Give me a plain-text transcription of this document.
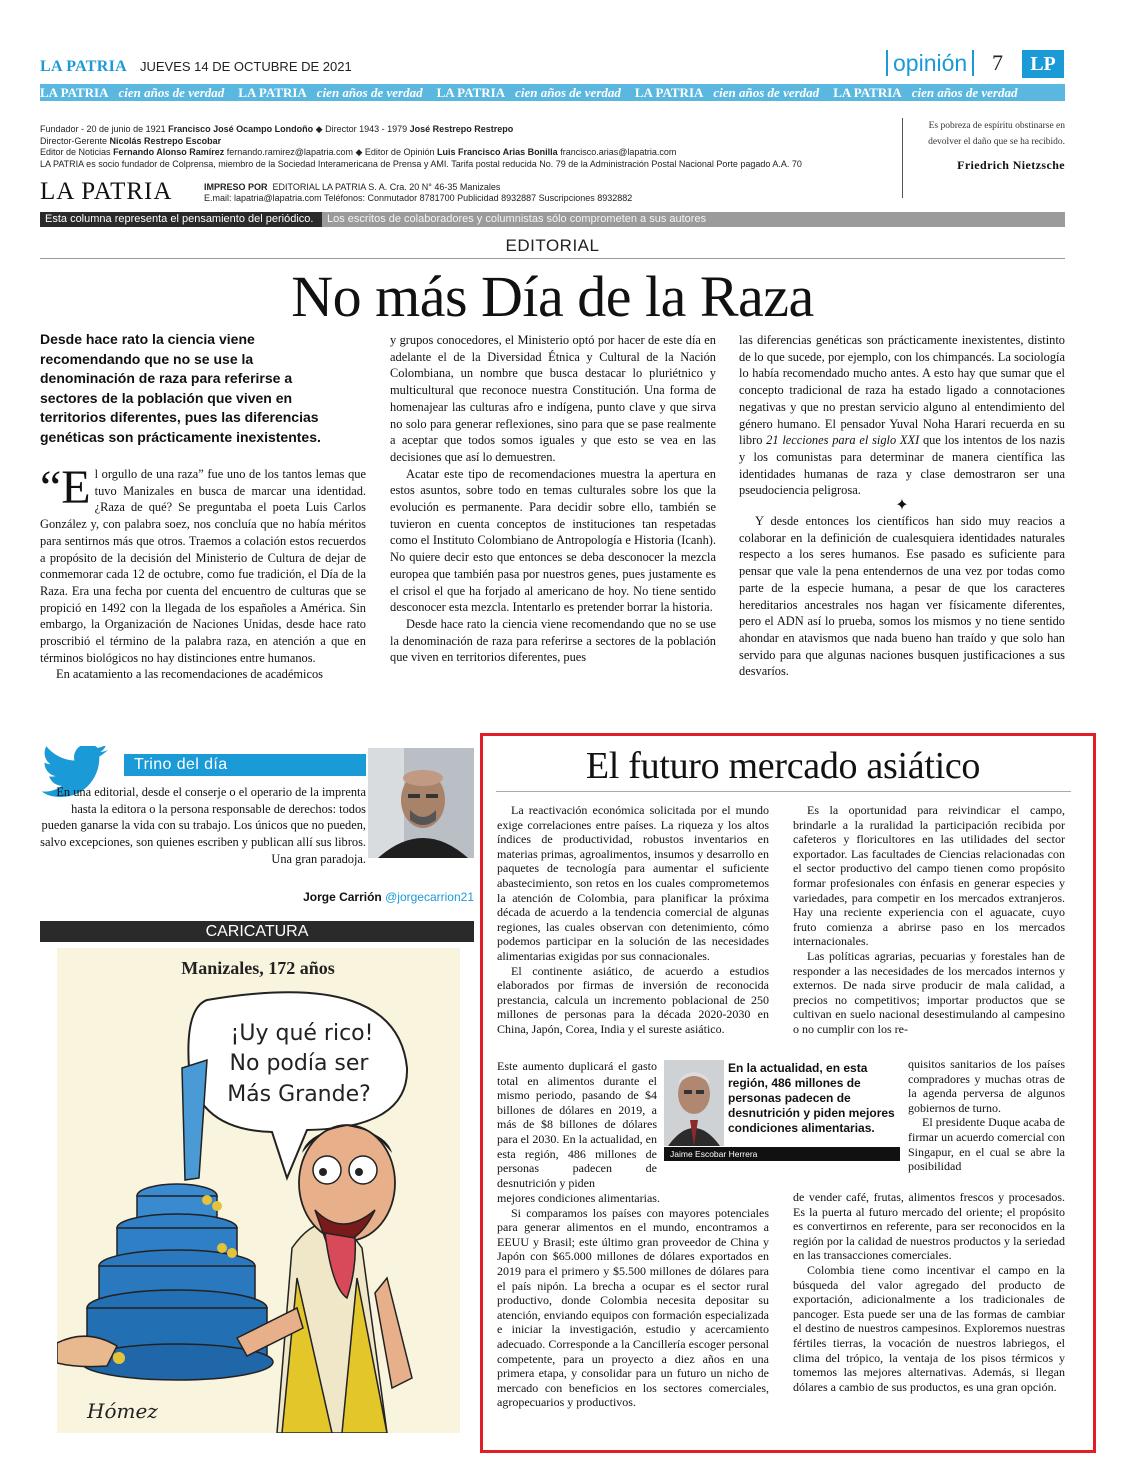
LA PATRIA JUEVES 14 DE OCTUBRE DE 2021	opinión	7	LP
LA PATRIA cien años de verdad LA PATRIA cien años de verdad LA PATRIA cien años de verdad LA PATRIA cien años de verdad LA PATRIA cien años de verdad
Fundador - 20 de junio de 1921 Francisco José Ocampo Londoño ◆ Director 1943 - 1979 José Restrepo Restrepo
Director-Gerente Nicolás Restrepo Escobar
Editor de Noticias Fernando Alonso Ramírez fernando.ramirez@lapatria.com ◆ Editor de Opinión Luis Francisco Arias Bonilla francisco.arias@lapatria.com
LA PATRIA es socio fundador de Colprensa, miembro de la Sociedad Interamericana de Prensa y AMI. Tarifa postal reducida No. 79 de la Administración Postal Nacional Porte pagado A.A. 70
LA PATRIA	IMPRESO POR EDITORIAL LA PATRIA S. A. Cra. 20 N° 46-35 Manizales
E.mail: lapatria@lapatria.com Teléfonos: Conmutador 8781700 Publicidad 8932887 Suscripciones 8932882
Es pobreza de espíritu obstinarse en devolver el daño que se ha recibido.
Friedrich Nietzsche
Esta columna representa el pensamiento del periódico.	Los escritos de colaboradores y columnistas sólo comprometen a sus autores
EDITORIAL
No más Día de la Raza
Desde hace rato la ciencia viene recomendando que no se use la denominación de raza para referirse a sectores de la población que viven en territorios diferentes, pues las diferencias genéticas son prácticamente inexistentes.
“El orgullo de una raza” fue uno de los tantos lemas que tuvo Manizales en busca de marcar una identidad. ¿Raza de qué? Se preguntaba el poeta Luis Carlos González y, con palabra soez, nos concluía que no había méritos para sentirnos más que otros. Traemos a colación estos recuerdos a propósito de la decisión del Ministerio de Cultura de dejar de conmemorar cada 12 de octubre, como fue tradición, el Día de la Raza. Era una fecha por cuenta del encuentro de culturas que se propició en 1492 con la llegada de los españoles a América. Sin embargo, la Organización de Naciones Unidas, desde hace rato proscribió el término de la palabra raza, en atención a que en términos biológicos no hay distinciones entre humanos.

En acatamiento a las recomendaciones de académicos

y grupos conocedores, el Ministerio optó por hacer de este día en adelante el de la Diversidad Étnica y Cultural de la Nación Colombiana, un nombre que busca destacar lo pluriétnico y multicultural que reconoce nuestra Constitución. Una forma de homenajear las culturas afro e indígena, punto clave y que sirva no solo para generar reflexiones, sino para que se pase realmente a aceptar que todos somos iguales y que esto se vea en las decisiones que así lo demuestren.

Acatar este tipo de recomendaciones muestra la apertura en estos asuntos, sobre todo en temas culturales sobre los que la evolución es permanente. Para decidir sobre ello, también se tuvieron en cuenta conceptos de instituciones tan respetadas como el Instituto Colombiano de Antropología e Historia (Icanh). No quiere decir esto que entonces se deba desconocer la mezcla europea que también pasa por nuestros genes, pues justamente es el crisol el que ha forjado al americano de hoy. No tiene sentido desconocer esta mezcla. Intentarlo es pretender borrar la historia.

Desde hace rato la ciencia viene recomendando que no se use la denominación de raza para referirse a sectores de la población que viven en territorios diferentes, pues

las diferencias genéticas son prácticamente inexistentes, distinto de lo que sucede, por ejemplo, con los chimpancés. La sociología lo había recomendado mucho antes. A esto hay que sumar que el concepto tradicional de raza ha estado ligado a connotaciones negativas y que no prestan servicio alguno al entendimiento del género humano. El pensador Yuval Noha Harari recuerda en su libro 21 lecciones para el siglo XXI que los intentos de los nazis y los comunistas para determinar de manera científica las identidades humanas de raza y clase demostraron ser una pseudociencia peligrosa.
✦

Y desde entonces los científicos han sido muy reacios a colaborar en la definición de cualesquiera identidades naturales respecto a los seres humanos. Ese pasado es suficiente para pensar que vale la pena entendernos de una vez por todas como parte de la especie humana, a pesar de que los caracteres hereditarios ancestrales nos hagan ver físicamente diferentes, pero el ADN así lo prueba, somos los mismos y no tiene sentido ahondar en atavismos que nada bueno han traído y que solo han servido para que algunas naciones busquen justificaciones a sus desvaríos.

Trino del día
En una editorial, desde el conserje o el operario de la imprenta hasta la editora o la persona responsable de derechos: todos pueden ganarse la vida con su trabajo. Los únicos que no pueden, salvo excepciones, son quienes escriben y publican allí sus libros. Una gran paradoja.
Jorge Carrión @jorgecarrion21
CARICATURA
Manizales, 172 años
¡Uy qué rico!
No podía ser
Más Grande?
Hómez
El futuro mercado asiático

La reactivación económica solicitada por el mundo exige correlaciones entre países. La riqueza y los altos índices de productividad, robustos inventarios en materias primas, agroalimentos, insumos y desarrollo en paquetes de tecnología para aumentar el suficiente abastecimiento, son retos en los cuales comprometemos la atención de Colombia, para planificar la próxima década de acuerdo a la tendencia comercial de algunas regiones, las cuales observan con detenimiento, cómo podemos participar en la solución de las necesidades alimentarias exigidas por sus connacionales.

El continente asiático, de acuerdo a estudios elaborados por firmas de inversión de reconocida prestancia, calcula un incremento poblacional de 250 millones de personas para la década 2020-2030 en China, Japón, Corea, India y el sureste asiático.

Este aumento duplicará el gasto total en alimentos durante el mismo periodo, pasando de $4 billones de dólares en 2019, a más de $8 billones de dólares para el 2030. En la actualidad, en esta región, 486 millones de personas padecen de desnutrición y piden
mejores condiciones alimentarias.

Si comparamos los países con mayores potenciales para generar alimentos en el mundo, encontramos a EEUU y Brasil; este último gran proveedor de China y Japón con $65.000 millones de dólares exportados en 2019 para el primero y $5.500 millones de dólares para el país nipón. La brecha a ocupar es el sector rural productivo, donde Colombia necesita depositar su atención, enviando equipos con formación especializada e iniciar la investigación, estudio y acercamiento adecuado. Corresponde a la Cancillería escoger personal competente, para un proyecto a diez años en una primera etapa, y consolidar para un futuro un nicho de mercado con beneficios en los sectores comerciales, agropecuarios y productivos.

Es la oportunidad para reivindicar el campo, brindarle a la ruralidad la participación recibida por cafeteros y floricultores en las utilidades del sector exportador. Las facultades de Ciencias relacionadas con el sector productivo del campo tienen como propósito formar profesionales con énfasis en generar especies y variedades, para competir en los mercados extranjeros. Hay una reciente experiencia con el aguacate, cuyo fruto comienza a abrirse paso en los mercados internacionales.

Las políticas agrarias, pecuarias y forestales han de responder a las necesidades de los mercados internos y externos. De nada sirve producir de mala calidad, a precios no competitivos; importar productos que se cultivan en suelo nacional desestimulando al campesino o no cumplir con los re-

quisitos sanitarios de los países compradores y muchas otras de la agenda perversa de algunos gobiernos de turno.

El presidente Duque acaba de firmar un acuerdo comercial con Singapur, en el cual se abre la posibilidad

de vender café, frutas, alimentos frescos y procesados. Es la puerta al futuro mercado del oriente; el propósito es convertirnos en referente, para ser reconocidos en la región por la calidad de nuestros productos y la seriedad en las transacciones comerciales.

Colombia tiene como incentivar el campo en la búsqueda del valor agregado del producto de exportación, adicionalmente a los tradicionales de pancoger. Esta puede ser una de las formas de cambiar el destino de nuestros campesinos. Exploremos nuestras fértiles tierras, la vocación de nuestros labriegos, el clima del trópico, la ventaja de los pisos térmicos y tomemos las mejores alternativas. Además, si llegan dólares a cambio de sus productos, es una gran opción.

En la actualidad, en esta región, 486 millones de personas padecen de desnutrición y piden mejores condiciones alimentarias.
Jaime Escobar Herrera
